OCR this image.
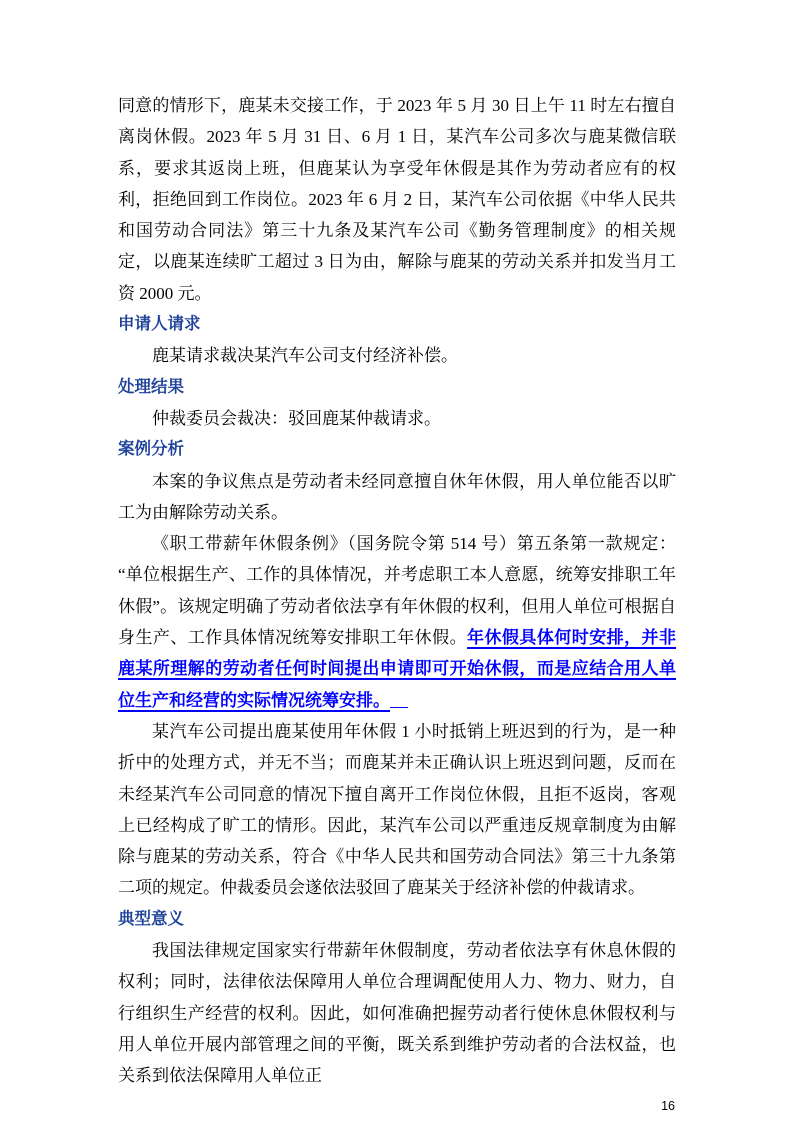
同意的情形下，鹿某未交接工作，于 2023 年 5 月 30 日上午 11 时左右擅自离岗休假。2023 年 5 月 31 日、6 月 1 日，某汽车公司多次与鹿某微信联系，要求其返岗上班，但鹿某认为享受年休假是其作为劳动者应有的权利，拒绝回到工作岗位。2023 年 6 月 2 日，某汽车公司依据《中华人民共和国劳动合同法》第三十九条及某汽车公司《勤务管理制度》的相关规定，以鹿某连续旷工超过 3 日为由，解除与鹿某的劳动关系并扣发当月工资 2000 元。

申请人请求

鹿某请求裁决某汽车公司支付经济补偿。

处理结果

仲裁委员会裁决：驳回鹿某仲裁请求。

案例分析

本案的争议焦点是劳动者未经同意擅自休年休假，用人单位能否以旷工为由解除劳动关系。

《职工带薪年休假条例》（国务院令第 514 号）第五条第一款规定：“单位根据生产、工作的具体情况，并考虑职工本人意愿，统筹安排职工年休假”。该规定明确了劳动者依法享有年休假的权利，但用人单位可根据自身生产、工作具体情况统筹安排职工年休假。年休假具体何时安排，并非鹿某所理解的劳动者任何时间提出申请即可开始休假，而是应结合用人单位生产和经营的实际情况统筹安排。

某汽车公司提出鹿某使用年休假 1 小时抵销上班迟到的行为，是一种折中的处理方式，并无不当；而鹿某并未正确认识上班迟到问题，反而在未经某汽车公司同意的情况下擅自离开工作岗位休假，且拒不返岗，客观上已经构成了旷工的情形。因此，某汽车公司以严重违反规章制度为由解除与鹿某的劳动关系，符合《中华人民共和国劳动合同法》第三十九条第二项的规定。仲裁委员会遂依法驳回了鹿某关于经济补偿的仲裁请求。

典型意义

我国法律规定国家实行带薪年休假制度，劳动者依法享有休息休假的权利；同时，法律依法保障用人单位合理调配使用人力、物力、财力，自行组织生产经营的权利。因此，如何准确把握劳动者行使休息休假权利与用人单位开展内部管理之间的平衡，既关系到维护劳动者的合法权益，也关系到依法保障用人单位正

16
